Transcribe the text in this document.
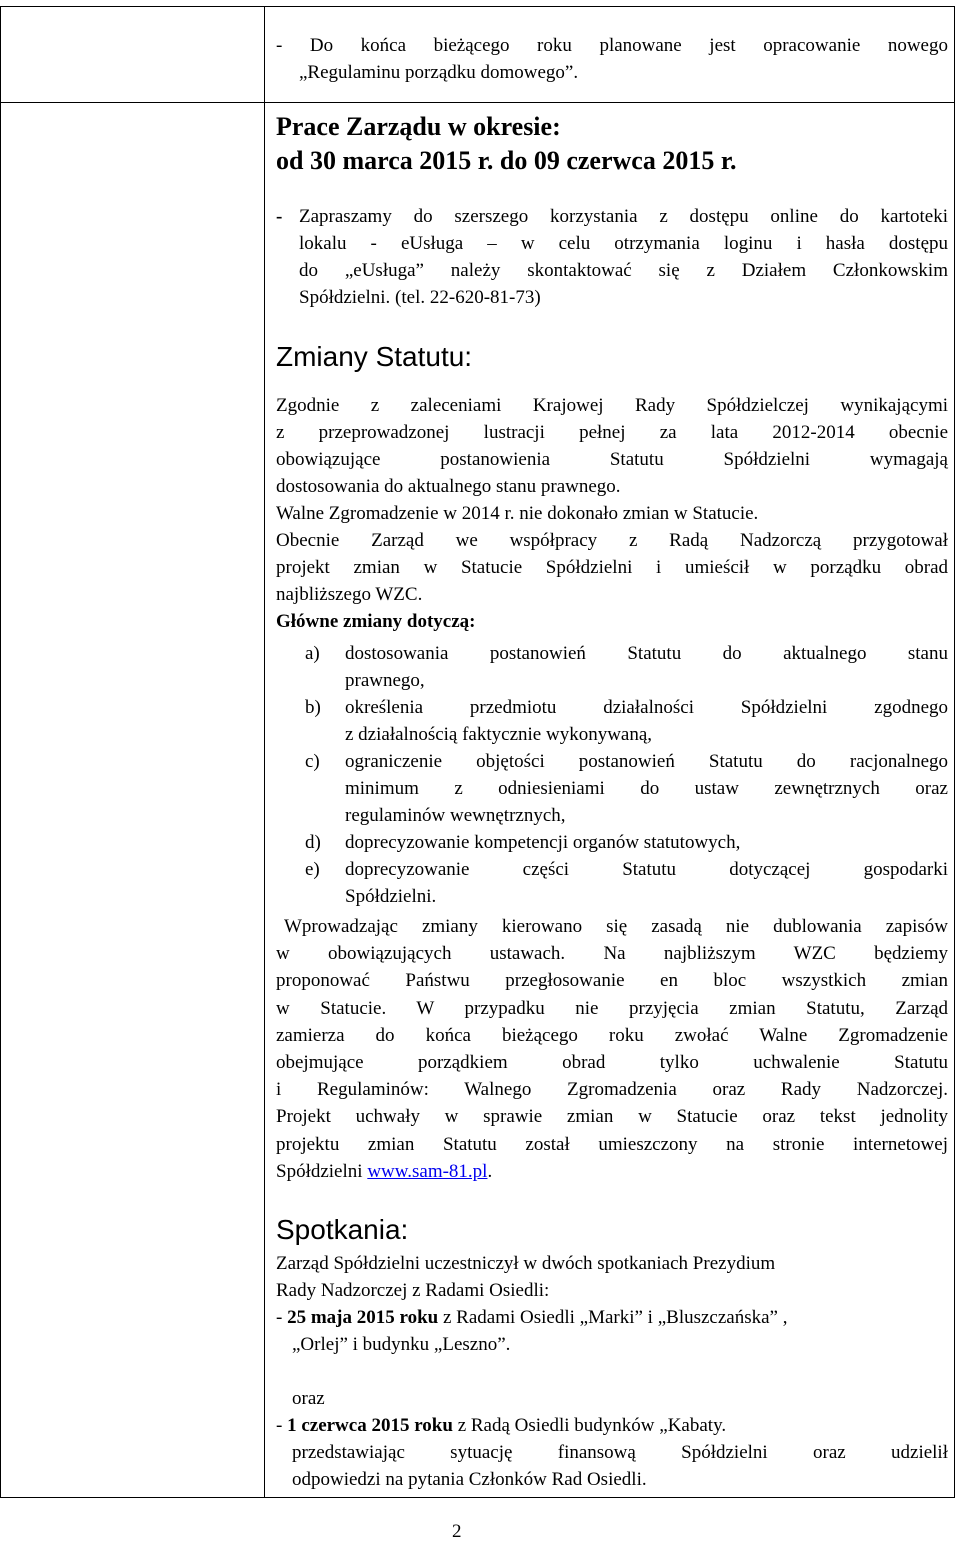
- Do końca bieżącego roku planowane jest opracowanie nowego

„Regulaminu porządku domowego”.

Prace Zarządu w okresie:

od 30 marca 2015 r. do 09 czerwca 2015 r.

- Zapraszamy do szerszego korzystania z dostępu online do kartoteki

lokalu - eUsługa – w celu otrzymania loginu i hasła dostępu

do „eUsługa” należy skontaktować się z Działem Członkowskim

Spółdzielni. (tel. 22-620-81-73)

Zmiany Statutu:

Zgodnie z zaleceniami Krajowej Rady Spółdzielczej wynikającymi

z przeprowadzonej lustracji pełnej za lata 2012-2014 obecnie

obowiązujące postanowienia Statutu Spółdzielni wymagają

dostosowania do aktualnego stanu prawnego.

Walne Zgromadzenie w 2014 r. nie dokonało zmian w Statucie.

Obecnie Zarząd we współpracy z Radą Nadzorczą przygotował

projekt zmian w Statucie Spółdzielni i umieścił w porządku obrad

najbliższego WZC.

Główne zmiany dotyczą:

a) dostosowania postanowień Statutu do aktualnego stanu

prawnego,

b) określenia przedmiotu działalności Spółdzielni zgodnego

z działalnością faktycznie wykonywaną,

c) ograniczenie objętości postanowień Statutu do racjonalnego

minimum z odniesieniami do ustaw zewnętrznych oraz

regulaminów wewnętrznych,

d) doprecyzowanie kompetencji organów statutowych,

e) doprecyzowanie części Statutu dotyczącej gospodarki

Spółdzielni.

Wprowadzając zmiany kierowano się zasadą nie dublowania zapisów

w obowiązujących ustawach. Na najbliższym WZC będziemy

proponować Państwu przegłosowanie en bloc wszystkich zmian

w Statucie. W przypadku nie przyjęcia zmian Statutu, Zarząd

zamierza do końca bieżącego roku zwołać Walne Zgromadzenie

obejmujące porządkiem obrad tylko uchwalenie Statutu

i Regulaminów: Walnego Zgromadzenia oraz Rady Nadzorczej.

Projekt uchwały w sprawie zmian w Statucie oraz tekst jednolity

projektu zmian Statutu został umieszczony na stronie internetowej

Spółdzielni www.sam-81.pl.

Spotkania:

Zarząd Spółdzielni uczestniczył w dwóch spotkaniach Prezydium

Rady Nadzorczej z Radami Osiedli:

- 25 maja 2015 roku z Radami Osiedli „Marki” i „Bluszczańska” ,

„Orlej” i budynku „Leszno”.

oraz

- 1 czerwca 2015 roku z Radą Osiedli budynków „Kabaty.

przedstawiając sytuację finansową Spółdzielni oraz udzielił

odpowiedzi na pytania Członków Rad Osiedli.

2
